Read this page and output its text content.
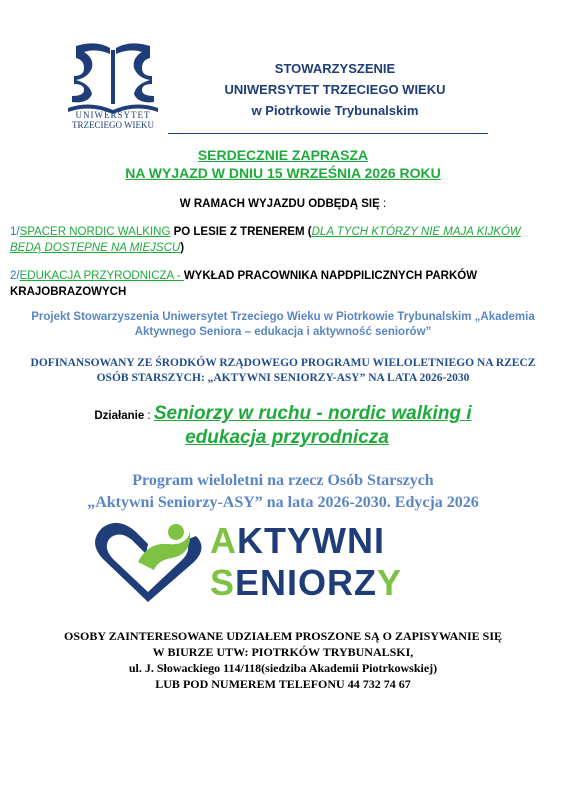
UNIWERSYTET
TRZECIEGO WIEKU
STOWARZYSZENIE
UNIWERSYTET TRZECIEGO WIEKU
w Piotrkowie Trybunalskim
SERDECZNIE ZAPRASZA
NA WYJAZD W DNIU 15 WRZEŚNIA 2026 ROKU
W RAMACH WYJAZDU ODBĘDĄ SIĘ :
1/SPACER NORDIC WALKING PO LESIE Z TRENEREM (DLA TYCH KTÓRZY NIE MAJA KIJKÓW BĘDĄ DOSTEPNE NA MIEJSCU)
2/EDUKACJA PRZYRODNICZA - WYKŁAD PRACOWNIKA NAPDPILICZNYCH PARKÓW KRAJOBRAZOWYCH
Projekt Stowarzyszenia Uniwersytet Trzeciego Wieku w Piotrkowie Trybunalskim „Akademia Aktywnego Seniora – edukacja i aktywność seniorów”
DOFINANSOWANY ZE ŚRODKÓW RZĄDOWEGO PROGRAMU WIELOLETNIEGO NA RZECZ OSÓB STARSZYCH: „AKTYWNI SENIORZY-ASY” NA LATA 2026-2030
Działanie : Seniorzy w ruchu - nordic walking i
edukacja przyrodnicza
Program wieloletni na rzecz Osób Starszych
„Aktywni Seniorzy-ASY” na lata 2026-2030. Edycja 2026
AKTYWNI
SENIORZY
OSOBY ZAINTERESOWANE UDZIAŁEM PROSZONE SĄ O ZAPISYWANIE SIĘ
W BIURZE UTW: PIOTRKÓW TRYBUNALSKI,
ul. J. Słowackiego 114/118(siedziba Akademii Piotrkowskiej)
LUB POD NUMEREM TELEFONU 44 732 74 67
